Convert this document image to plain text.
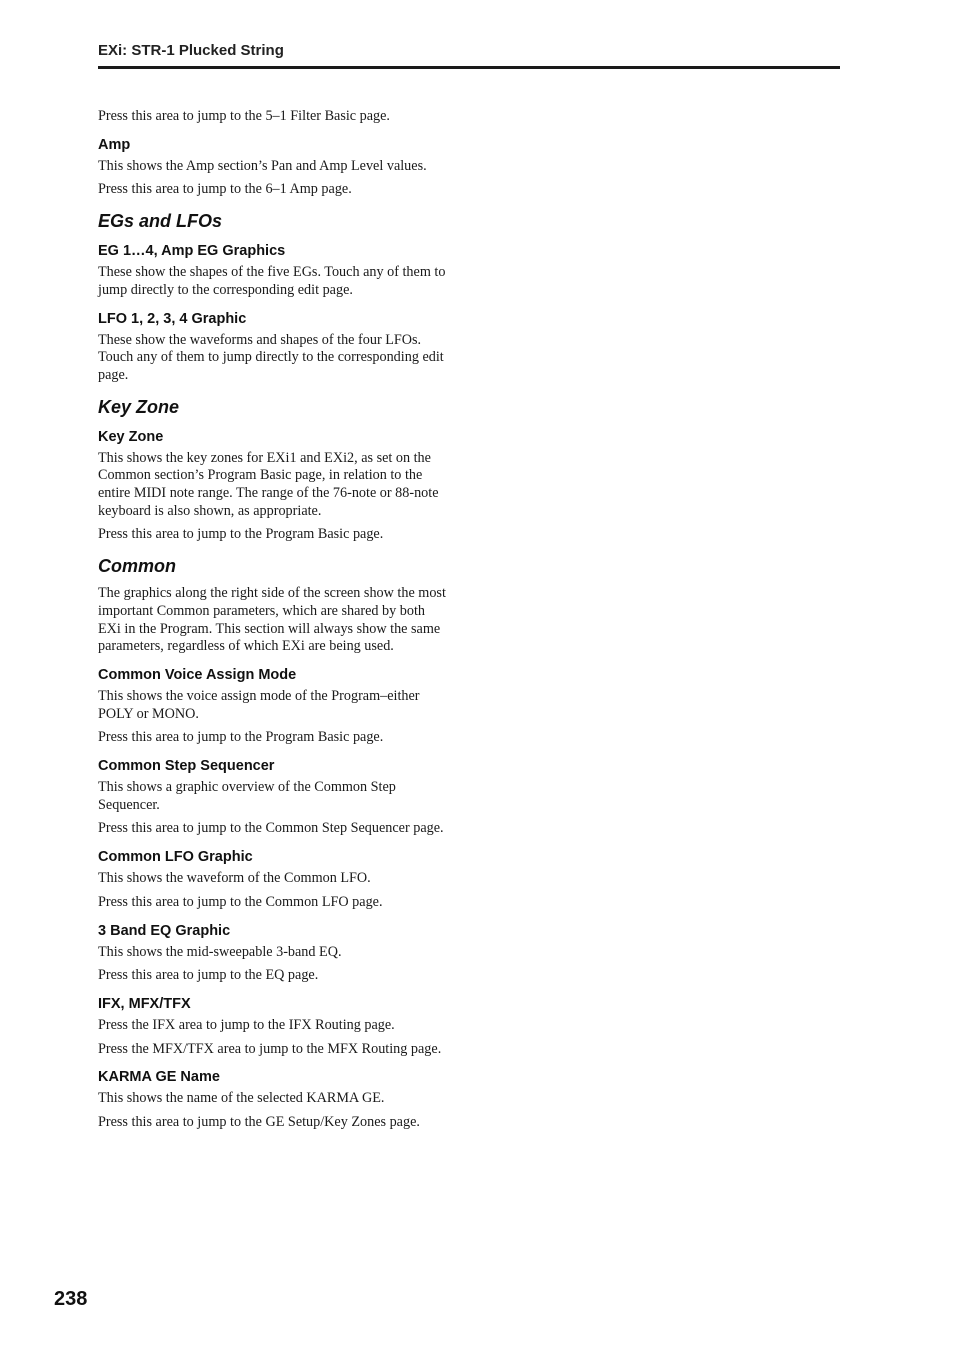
EXi: STR-1 Plucked String
Press this area to jump to the 5–1 Filter Basic page.
Amp
This shows the Amp section’s Pan and Amp Level values.
Press this area to jump to the 6–1 Amp page.
EGs and LFOs
EG 1…4, Amp EG Graphics
These show the shapes of the five EGs. Touch any of them to jump directly to the corresponding edit page.
LFO 1, 2, 3, 4 Graphic
These show the waveforms and shapes of the four LFOs. Touch any of them to jump directly to the corresponding edit page.
Key Zone
Key Zone
This shows the key zones for EXi1 and EXi2, as set on the Common section’s Program Basic page, in relation to the entire MIDI note range. The range of the 76-note or 88-note keyboard is also shown, as appropriate.
Press this area to jump to the Program Basic page.
Common
The graphics along the right side of the screen show the most important Common parameters, which are shared by both EXi in the Program. This section will always show the same parameters, regardless of which EXi are being used.
Common Voice Assign Mode
This shows the voice assign mode of the Program–either POLY or MONO.
Press this area to jump to the Program Basic page.
Common Step Sequencer
This shows a graphic overview of the Common Step Sequencer.
Press this area to jump to the Common Step Sequencer page.
Common LFO Graphic
This shows the waveform of the Common LFO.
Press this area to jump to the Common LFO page.
3 Band EQ Graphic
This shows the mid-sweepable 3-band EQ.
Press this area to jump to the EQ page.
IFX, MFX/TFX
Press the IFX area to jump to the IFX Routing page.
Press the MFX/TFX area to jump to the MFX Routing page.
KARMA GE Name
This shows the name of the selected KARMA GE.
Press this area to jump to the GE Setup/Key Zones page.
238
